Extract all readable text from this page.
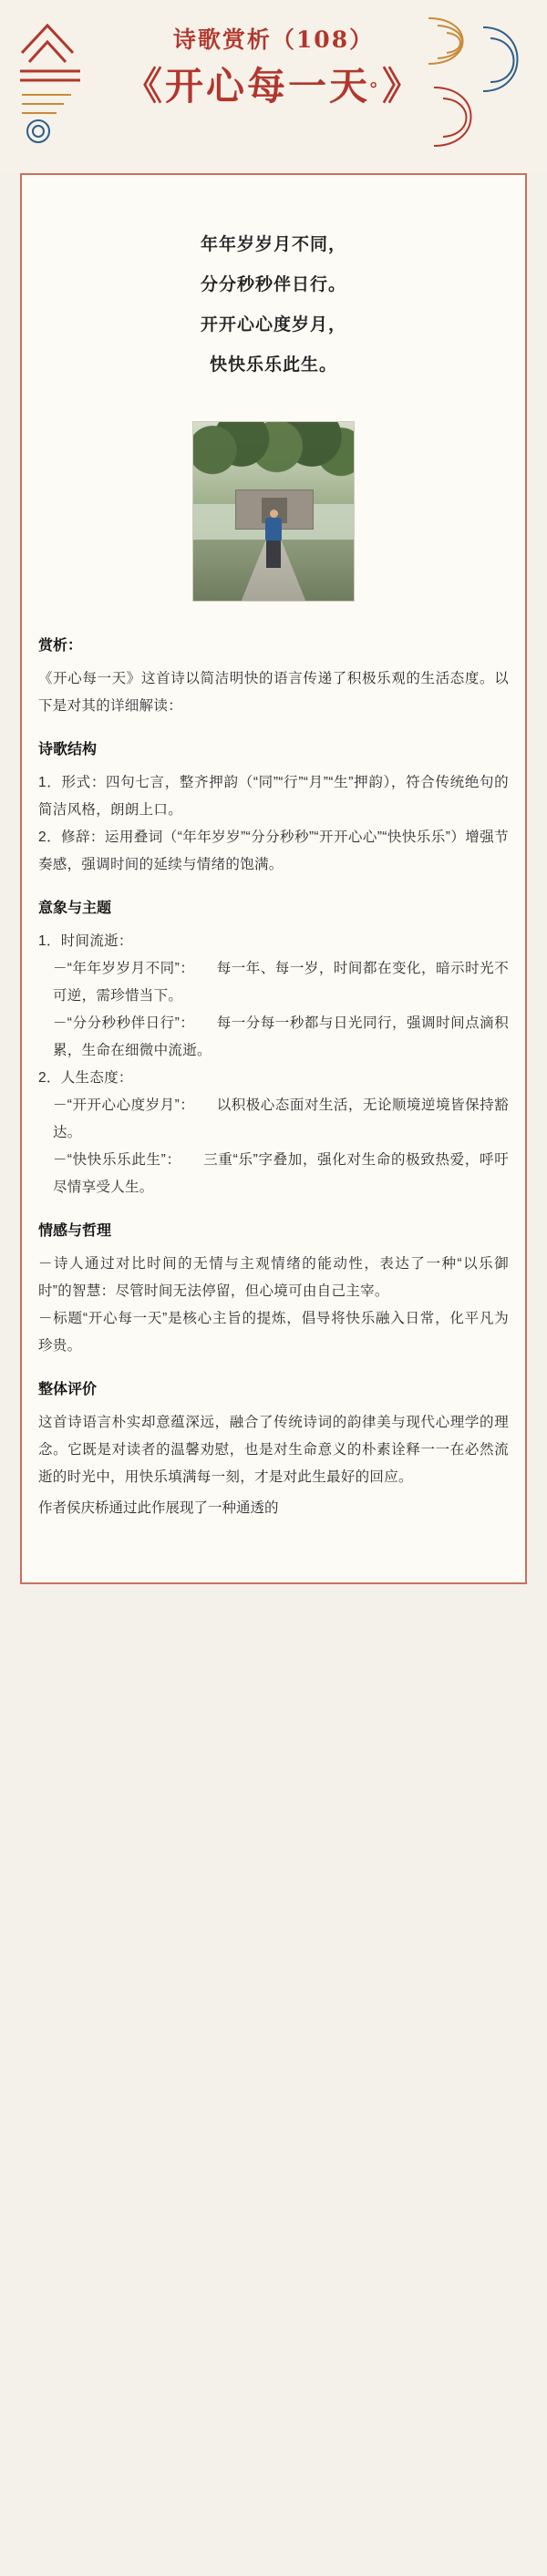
诗歌赏析（108）
《开心每一天。》
年年岁岁月不同，
分分秒秒伴日行。
开开心心度岁月，
快快乐乐此生。
赏析：
《开心每一天》这首诗以简洁明快的语言传递了积极乐观的生活态度。以下是对其的详细解读：
诗歌结构
1．形式：四句七言，整齐押韵（“同”“行”“月”“生”押韵），符合传统绝句的简洁风格，朗朗上口。
2．修辞：运用叠词（“年年岁岁”“分分秒秒”“开开心心”“快快乐乐”）增强节奏感，强调时间的延续与情绪的饱满。
意象与主题
1．时间流逝：
－“年年岁岁月不同”：　　每一年、每一岁，时间都在变化，暗示时光不可逆，需珍惜当下。
－“分分秒秒伴日行”：　　每一分每一秒都与日光同行，强调时间点滴积累，生命在细微中流逝。
2．人生态度：
－“开开心心度岁月”：　　以积极心态面对生活，无论顺境逆境皆保持豁达。
－“快快乐乐此生”：　　三重“乐”字叠加，强化对生命的极致热爱，呼吁尽情享受人生。
情感与哲理
－诗人通过对比时间的无情与主观情绪的能动性，表达了一种“以乐御时”的智慧：尽管时间无法停留，但心境可由自己主宰。
－标题“开心每一天”是核心主旨的提炼，倡导将快乐融入日常，化平凡为珍贵。
整体评价
这首诗语言朴实却意蕴深远，融合了传统诗词的韵律美与现代心理学的理念。它既是对读者的温馨劝慰，也是对生命意义的朴素诠释一一在必然流逝的时光中，用快乐填满每一刻，才是对此生最好的回应。
作者侯庆桥通过此作展现了一种通透的
